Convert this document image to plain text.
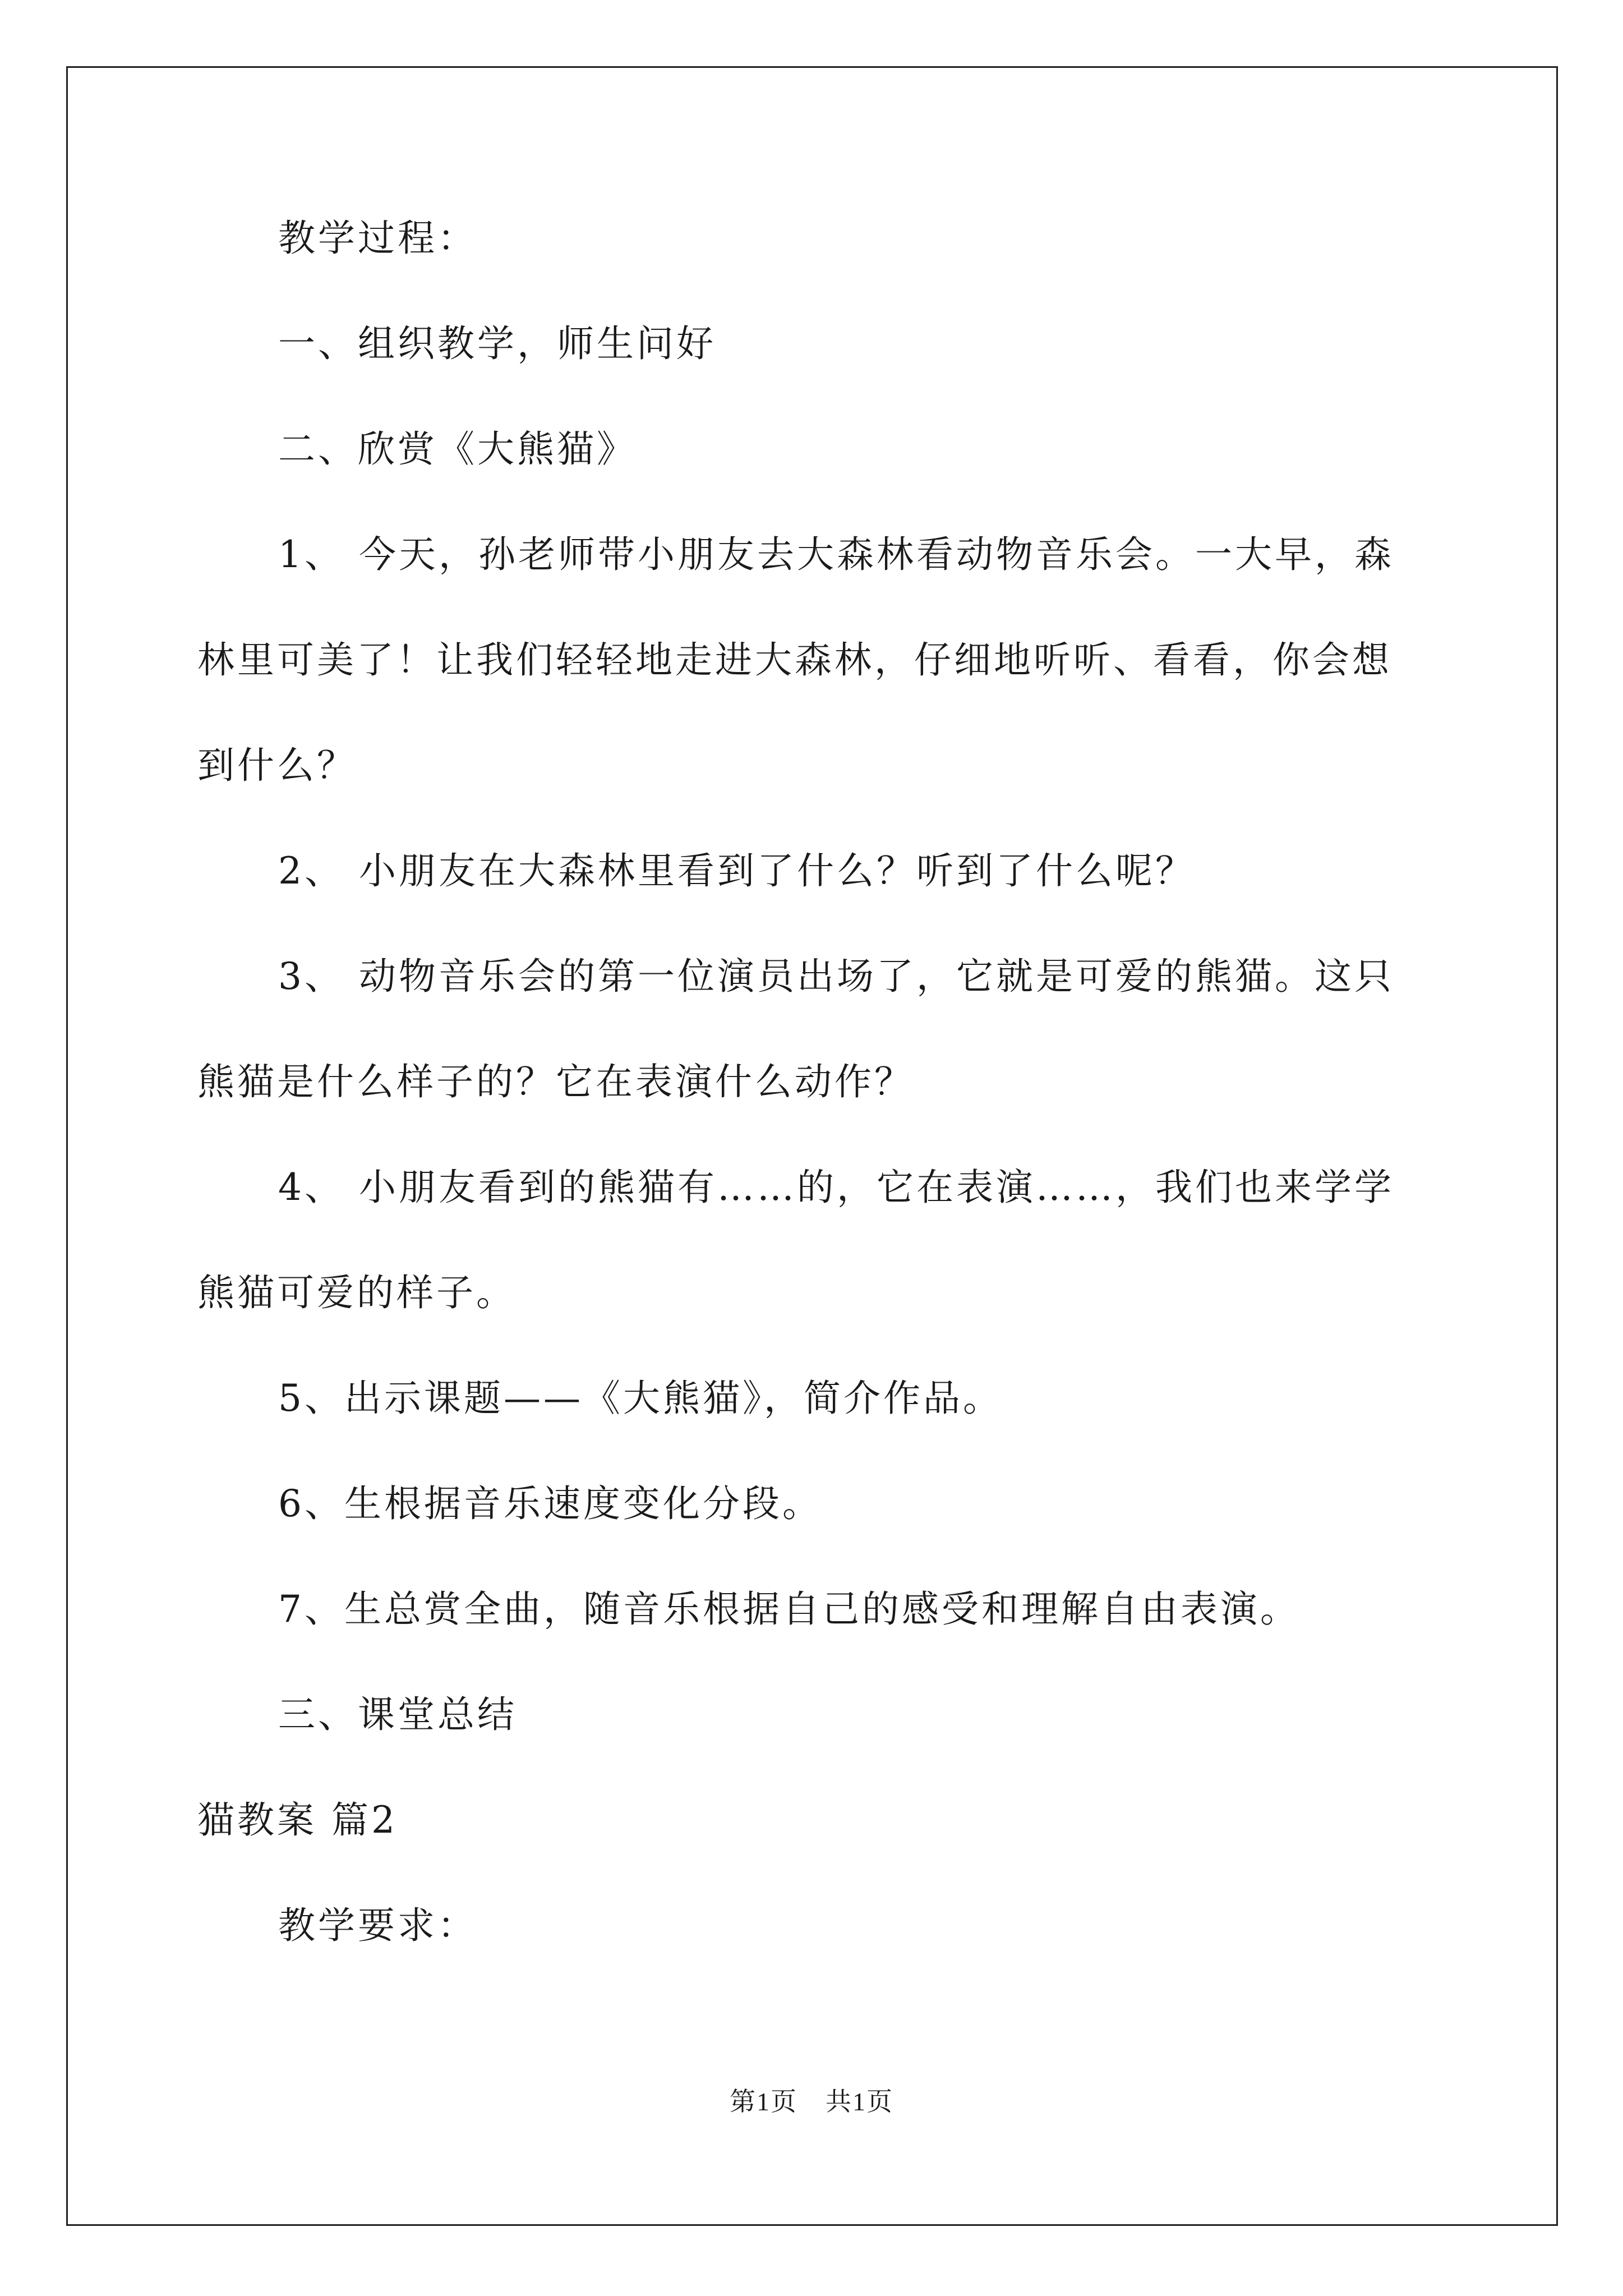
教学过程：
一、组织教学，师生问好
二、欣赏《大熊猫》
1、 今天，孙老师带小朋友去大森林看动物音乐会。一大早，森
林里可美了！让我们轻轻地走进大森林，仔细地听听、看看，你会想
到什么？
2、 小朋友在大森林里看到了什么？听到了什么呢？
3、 动物音乐会的第一位演员出场了，它就是可爱的熊猫。这只
熊猫是什么样子的？它在表演什么动作？
4、 小朋友看到的熊猫有……的，它在表演……，我们也来学学
熊猫可爱的样子。
5、出示课题——《大熊猫》，简介作品。
6、生根据音乐速度变化分段。
7、生总赏全曲，随音乐根据自己的感受和理解自由表演。
三、课堂总结
猫教案 篇2
教学要求：
第1页 共1页
